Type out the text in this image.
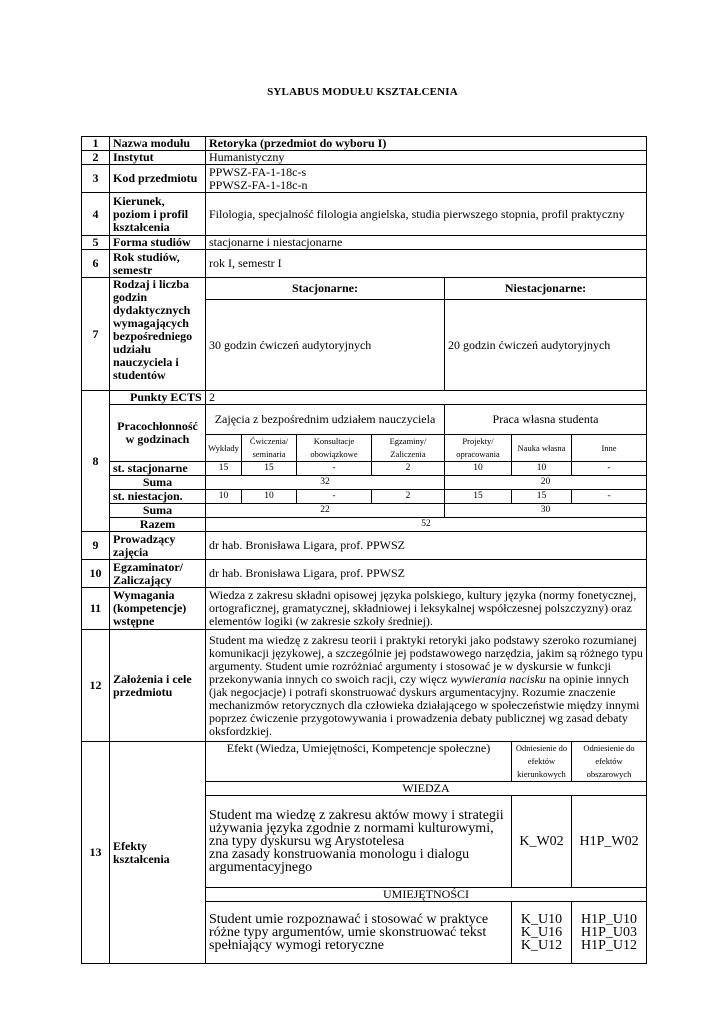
SYLABUS MODUŁU KSZTAŁCENIA
1	Nazwa modułu	Retoryka (przedmiot do wyboru I)						
2	Instytut	Humanistyczny						
3	Kod przedmiotu	PPWSZ-FA-1-18c-s
PPWSZ-FA-1-18c-n						

4	Kierunek, poziom i profil kształcenia	Filologia, specjalność filologia angielska, studia pierwszego stopnia, profil praktyczny						
5	Forma studiów	stacjonarne i niestacjonarne						
6	Rok studiów, semestr	rok I, semestr I						
7	Rodzaj i liczba godzin dydaktycznych wymagających bezpośredniego udziału nauczyciela i studentów	Stacjonarne:				Niestacjonarne:		
		30 godzin ćwiczeń audytoryjnych				20 godzin ćwiczeń audytoryjnych		
8	Punkty ECTS	2						
	Pracochłonność w godzinach	Zajęcia z bezpośrednim udziałem nauczyciela				Praca własna studenta		
		Wykłady	Ćwiczenia/ seminaria	Konsultacje obowiązkowe	Egzaminy/ Zaliczenia	Projekty/ opracowania	Nauka własna	Inne
	st. stacjonarne	15	15	-	2	10	10	-
	Suma	32				20		
	st. niestacjon.	10	10	-	2	15	15	-
	Suma	22				30		
	Razem	52						

9	Prowadzący zajęcia	dr hab. Bronisława Ligara, prof. PPWSZ						
10	Egzaminator/ Zaliczający	dr hab. Bronisława Ligara, prof. PPWSZ						
11	Wymagania (kompetencje) wstępne	Wiedza z zakresu składni opisowej języka polskiego, kultury języka (normy fonetycznej, ortograficznej, gramatycznej, składniowej i leksykalnej współczesnej polszczyzny) oraz elementów logiki (w zakresie szkoły średniej).						
12	Założenia i cele przedmiotu	Student ma wiedzę z zakresu teorii i praktyki retoryki jako podstawy szeroko rozumianej komunikacji językowej, a szczególnie jej podstawowego narzędzia, jakim są różnego typu argumenty. Student umie rozróżniać argumenty i stosować je w dyskursie w funkcji przekonywania innych co swoich racji, czy więcz wywierania nacisku na opinie innych (jak negocjacje) i potrafi skonstruować dyskurs argumentacyjny. Rozumie znaczenie mechanizmów retorycznych dla człowieka działającego w społeczeństwie między innymi poprzez ćwiczenie przygotowywania i prowadzenia debaty publicznej wg zasad debaty oksfordzkiej.						
13	Efekty kształcenia	Efekt (Wiedza, Umiejętności, Kompetencje społeczne)					Odniesienie do efektów kierunkowych	Odniesienie do efektów obszarowych
		WIEDZA						

		Student ma wiedzę z zakresu aktów mowy i strategii używania języka zgodnie z normami kulturowymi,
zna typy dyskursu wg Arystotelesa
zna zasady konstruowania monologu i dialogu argumentacyjnego					K_W02	H1P_W02
		UMIEJĘTNOŚCI						
		Student umie rozpoznawać i stosować w praktyce różne typy argumentów, umie skonstruować tekst spełniający wymogi retoryczne					K_U10
K_U16
K_U12	H1P_U10
H1P_U03
H1P_U12
